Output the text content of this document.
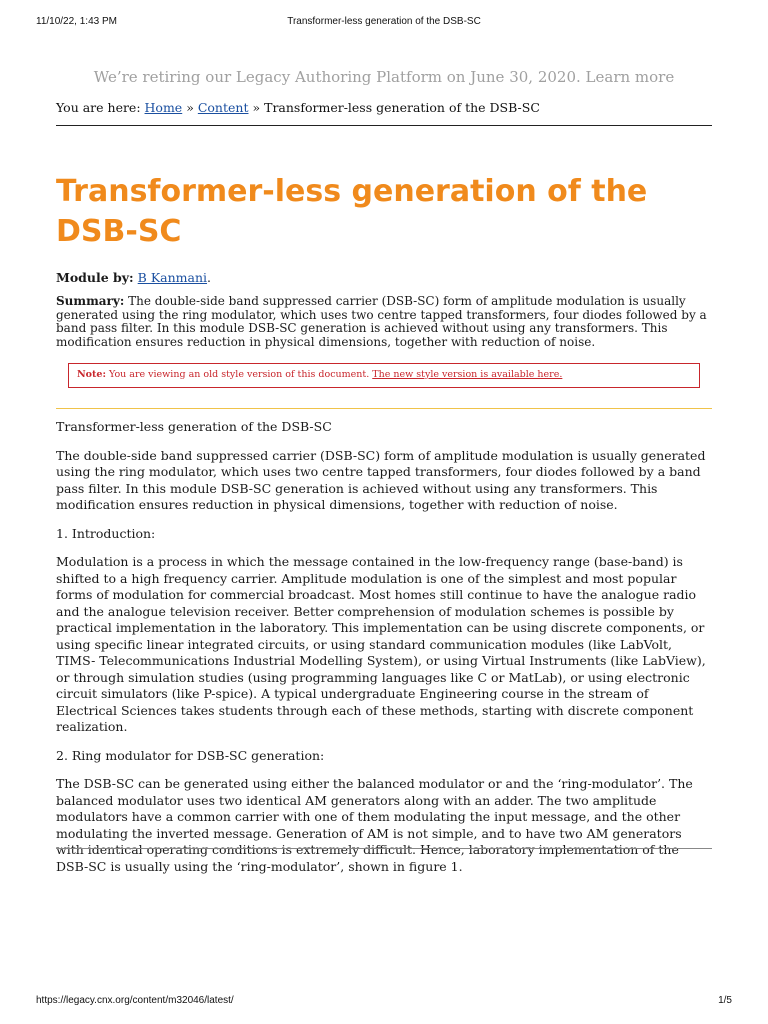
11/10/22, 1:43 PM	Transformer-less generation of the DSB-SC
We’re retiring our Legacy Authoring Platform on June 30, 2020. Learn more
You are here: Home » Content » Transformer-less generation of the DSB-SC
Transformer-less generation of the DSB-SC
Module by: B Kanmani.
Summary: The double-side band suppressed carrier (DSB-SC) form of amplitude modulation is usually generated using the ring modulator, which uses two centre tapped transformers, four diodes followed by a band pass filter. In this module DSB-SC generation is achieved without using any transformers. This modification ensures reduction in physical dimensions, together with reduction of noise.
Note: You are viewing an old style version of this document. The new style version is available here.

Transformer-less generation of the DSB-SC

The double-side band suppressed carrier (DSB-SC) form of amplitude modulation is usually generated using the ring modulator, which uses two centre tapped transformers, four diodes followed by a band pass filter. In this module DSB-SC generation is achieved without using any transformers. This modification ensures reduction in physical dimensions, together with reduction of noise.

1. Introduction:

Modulation is a process in which the message contained in the low-frequency range (base-band) is shifted to a high frequency carrier. Amplitude modulation is one of the simplest and most popular forms of modulation for commercial broadcast. Most homes still continue to have the analogue radio and the analogue television receiver. Better comprehension of modulation schemes is possible by practical implementation in the laboratory. This implementation can be using discrete components, or using specific linear integrated circuits, or using standard communication modules (like LabVolt, TIMS- Telecommunications Industrial Modelling System), or using Virtual Instruments (like LabView), or through simulation studies (using programming languages like C or MatLab), or using electronic circuit simulators (like P-spice). A typical undergraduate Engineering course in the stream of Electrical Sciences takes students through each of these methods, starting with discrete component realization.

2. Ring modulator for DSB-SC generation:

The DSB-SC can be generated using either the balanced modulator or and the ‘ring-modulator’. The balanced modulator uses two identical AM generators along with an adder. The two amplitude modulators have a common carrier with one of them modulating the input message, and the other modulating the inverted message. Generation of AM is not simple, and to have two AM generators with identical operating conditions is extremely difficult. Hence, laboratory implementation of the DSB-SC is usually using the ‘ring-modulator’, shown in figure 1.

https://legacy.cnx.org/content/m32046/latest/	1/5
